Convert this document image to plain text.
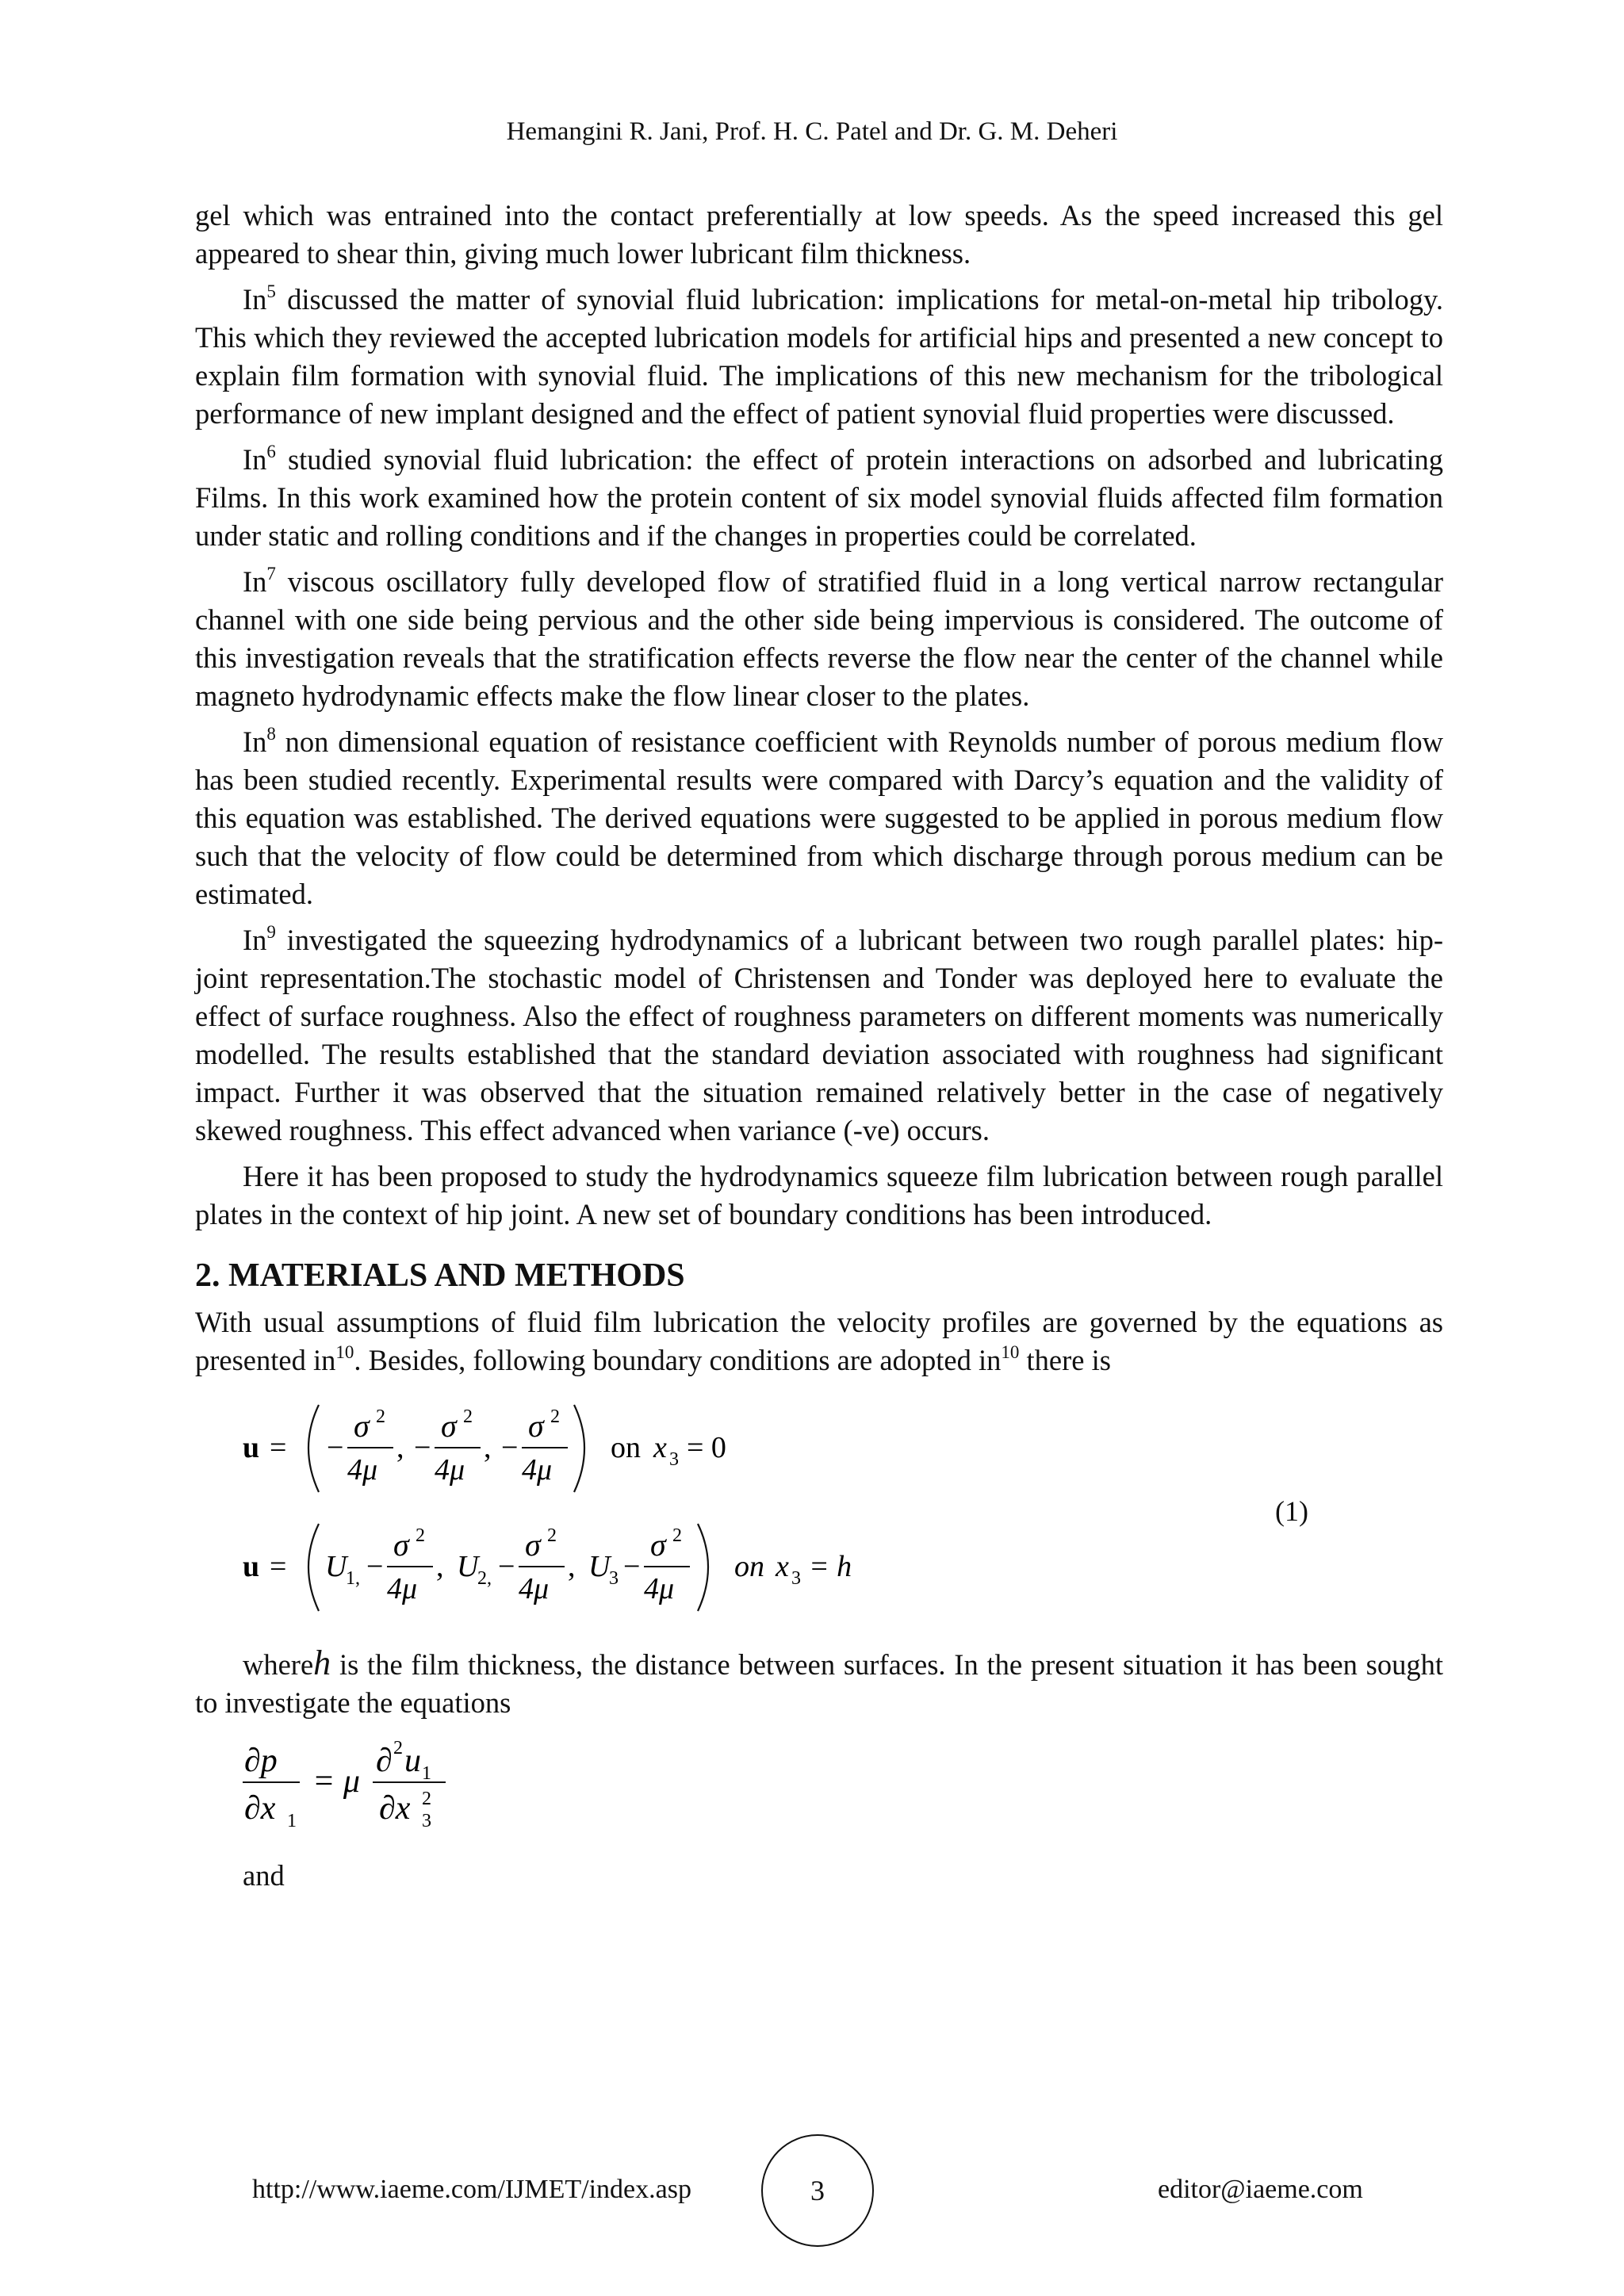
Hemangini R. Jani, Prof. H. C. Patel and Dr. G. M. Deheri

gel which was entrained into the contact preferentially at low speeds. As the speed increased this gel appeared to shear thin, giving much lower lubricant film thickness.

In$^5$ discussed the matter of synovial fluid lubrication: implications for metal-on-metal hip tribology. This which they reviewed the accepted lubrication models for artificial hips and presented a new concept to explain film formation with synovial fluid. The implications of this new mechanism for the tribological performance of new implant designed and the effect of patient synovial fluid properties were discussed.

In$^6$ studied synovial fluid lubrication: the effect of protein interactions on adsorbed and lubricating Films. In this work examined how the protein content of six model synovial fluids affected film formation under static and rolling conditions and if the changes in properties could be correlated.

In$^7$ viscous oscillatory fully developed flow of stratified fluid in a long vertical narrow rectangular channel with one side being pervious and the other side being impervious is considered. The outcome of this investigation reveals that the stratification effects reverse the flow near the center of the channel while magneto hydrodynamic effects make the flow linear closer to the plates.

In$^8$ non dimensional equation of resistance coefficient with Reynolds number of porous medium flow has been studied recently. Experimental results were compared with Darcy’s equation and the validity of this equation was established. The derived equations were suggested to be applied in porous medium flow such that the velocity of flow could be determined from which discharge through porous medium can be estimated.

In$^9$ investigated the squeezing hydrodynamics of a lubricant between two rough parallel plates: hip-joint representation.The stochastic model of Christensen and Tonder was deployed here to evaluate the effect of surface roughness. Also the effect of roughness parameters on different moments was numerically modelled. The results established that the standard deviation associated with roughness had significant impact. Further it was observed that the situation remained relatively better in the case of negatively skewed roughness. This effect advanced when variance (-ve) occurs.

Here it has been proposed to study the hydrodynamics squeeze film lubrication between rough parallel plates in the context of hip joint. A new set of boundary conditions has been introduced.

2. MATERIALS AND METHODS

With usual assumptions of fluid film lubrication the velocity profiles are governed by the equations as presented $in^{10}$. Besides, following boundary conditions are adopted $in^{10}$ there is

u = −
σ 2
4μ
, −
σ 2
4μ
, −
σ 2
4μ
on x 3 = 0
u = U
1, −
σ 2
4μ
, U
2, −
σ 2
4μ
, U
3 −
σ 2
4μ
on x 3 = h
(1)

whereh is the film thickness, the distance between surfaces. In the present situation it has been sought to investigate the equations

∂p
∂x 1
= μ
∂ 2 u 1
∂x 2
3

and

http://www.iaeme.com/IJMET/index.asp	3	editor@iaeme.com
